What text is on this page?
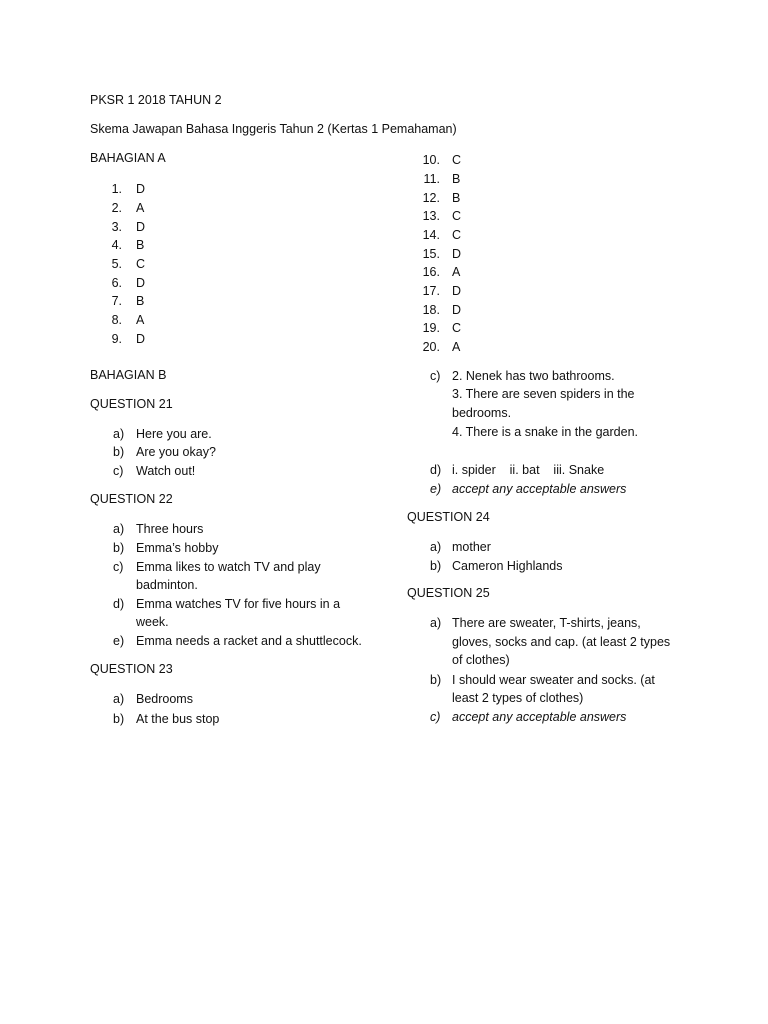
PKSR 1 2018 TAHUN 2
Skema Jawapan Bahasa Inggeris Tahun 2 (Kertas 1 Pemahaman)
BAHAGIAN A
1. D
2. A
3. D
4. B
5. C
6. D
7. B
8. A
9. D
10. C
11. B
12. B
13. C
14. C
15. D
16. A
17. D
18. D
19. C
20. A
BAHAGIAN B
QUESTION 21
a) Here you are.
b) Are you okay?
c) Watch out!
QUESTION 22
a) Three hours
b) Emma’s hobby
c) Emma likes to watch TV and play
badminton.
d) Emma watches TV for five hours in a
week.
e) Emma needs a racket and a shuttlecock.
QUESTION 23
a) Bedrooms
b) At the bus stop
c) 2. Nenek has two bathrooms.
3. There are seven spiders in the
bedrooms.
4. There is a snake in the garden.
d) i. spider    ii. bat    iii. Snake
e) accept any acceptable answers
QUESTION 24
a) mother
b) Cameron Highlands
QUESTION 25
a) There are sweater, T-shirts, jeans,
gloves, socks and cap. (at least 2 types
of clothes)
b) I should wear sweater and socks. (at
least 2 types of clothes)
c) accept any acceptable answers
